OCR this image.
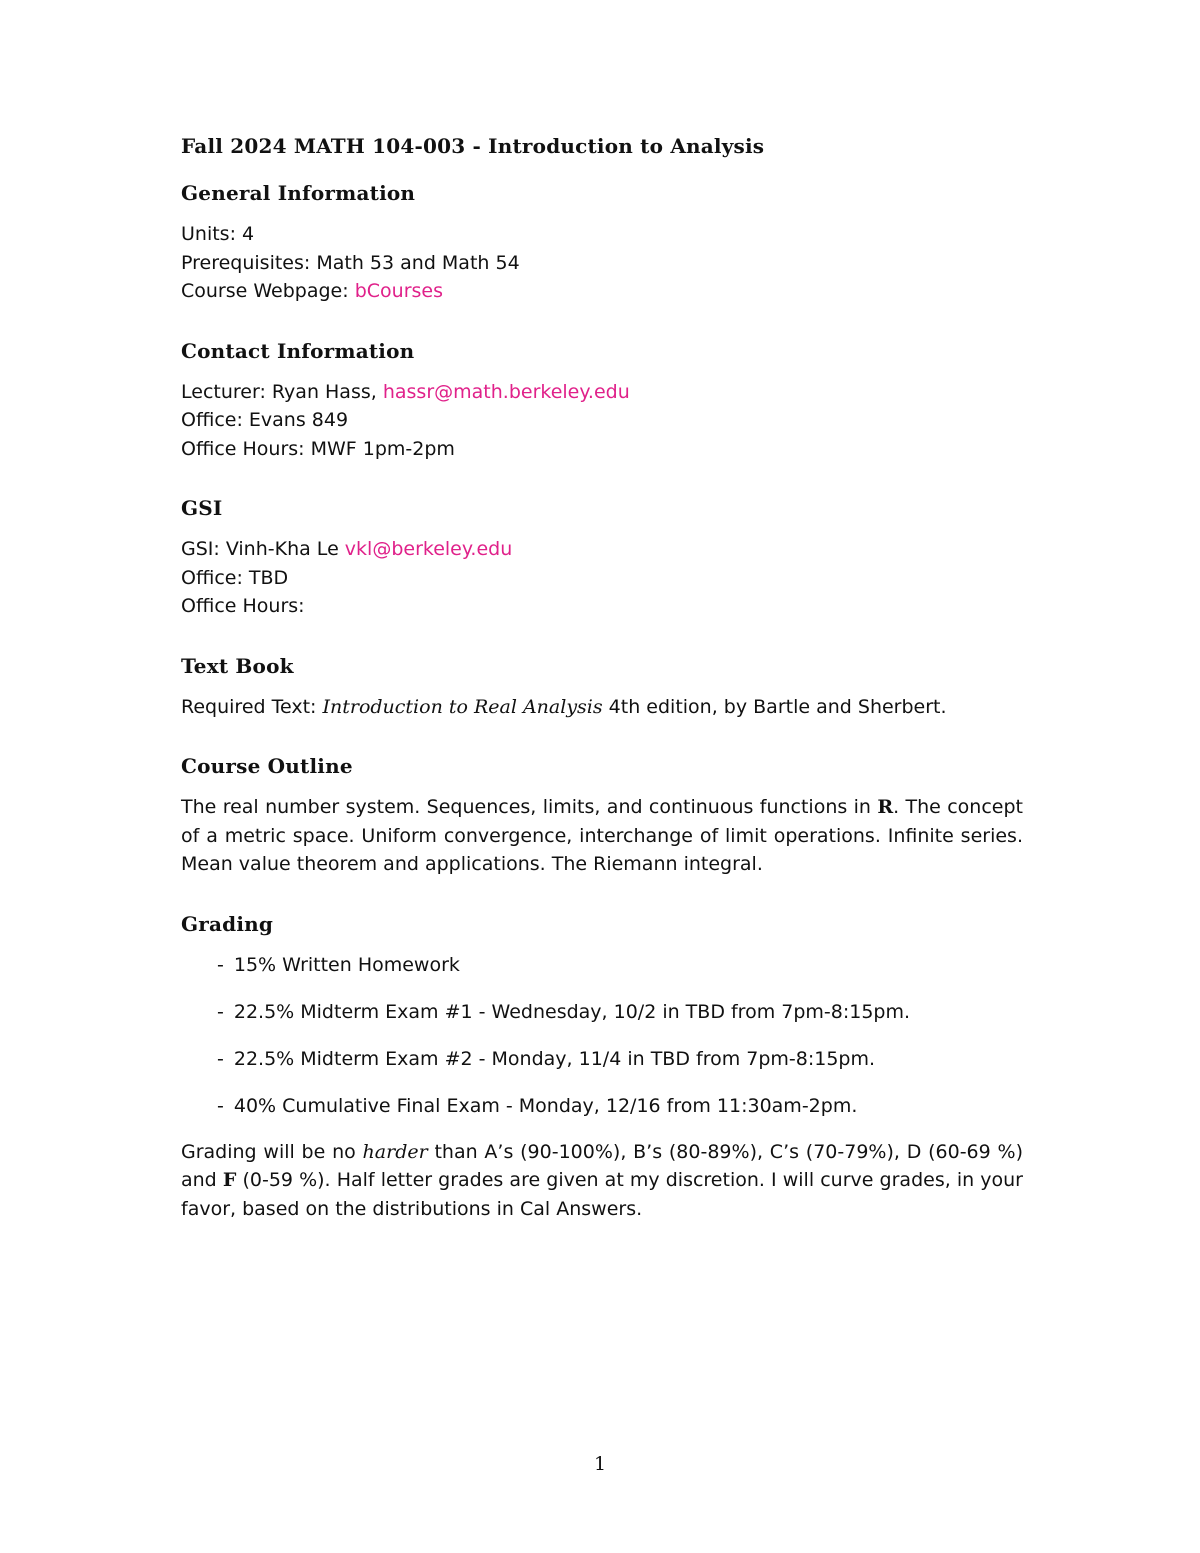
Fall 2024 MATH 104-003 - Introduction to Analysis
General Information
Units: 4
Prerequisites: Math 53 and Math 54
Course Webpage: bCourses
Contact Information
Lecturer: Ryan Hass, hassr@math.berkeley.edu
Office: Evans 849
Office Hours: MWF 1pm-2pm
GSI
GSI: Vinh-Kha Le vkl@berkeley.edu
Office: TBD
Office Hours:
Text Book
Required Text: Introduction to Real Analysis 4th edition, by Bartle and Sherbert.
Course Outline

The real number system. Sequences, limits, and continuous functions in R. The concept of a metric space. Uniform convergence, interchange of limit operations. Infinite series. Mean value theorem and applications. The Riemann integral.

Grading
- 15% Written Homework
- 22.5% Midterm Exam #1 - Wednesday, 10/2 in TBD from 7pm-8:15pm.
- 22.5% Midterm Exam #2 - Monday, 11/4 in TBD from 7pm-8:15pm.
- 40% Cumulative Final Exam - Monday, 12/16 from 11:30am-2pm.

Grading will be no harder than A’s (90-100%), B’s (80-89%), C’s (70-79%), D (60-69 %) and F (0-59 %). Half letter grades are given at my discretion. I will curve grades, in your favor, based on the distributions in Cal Answers.

1
